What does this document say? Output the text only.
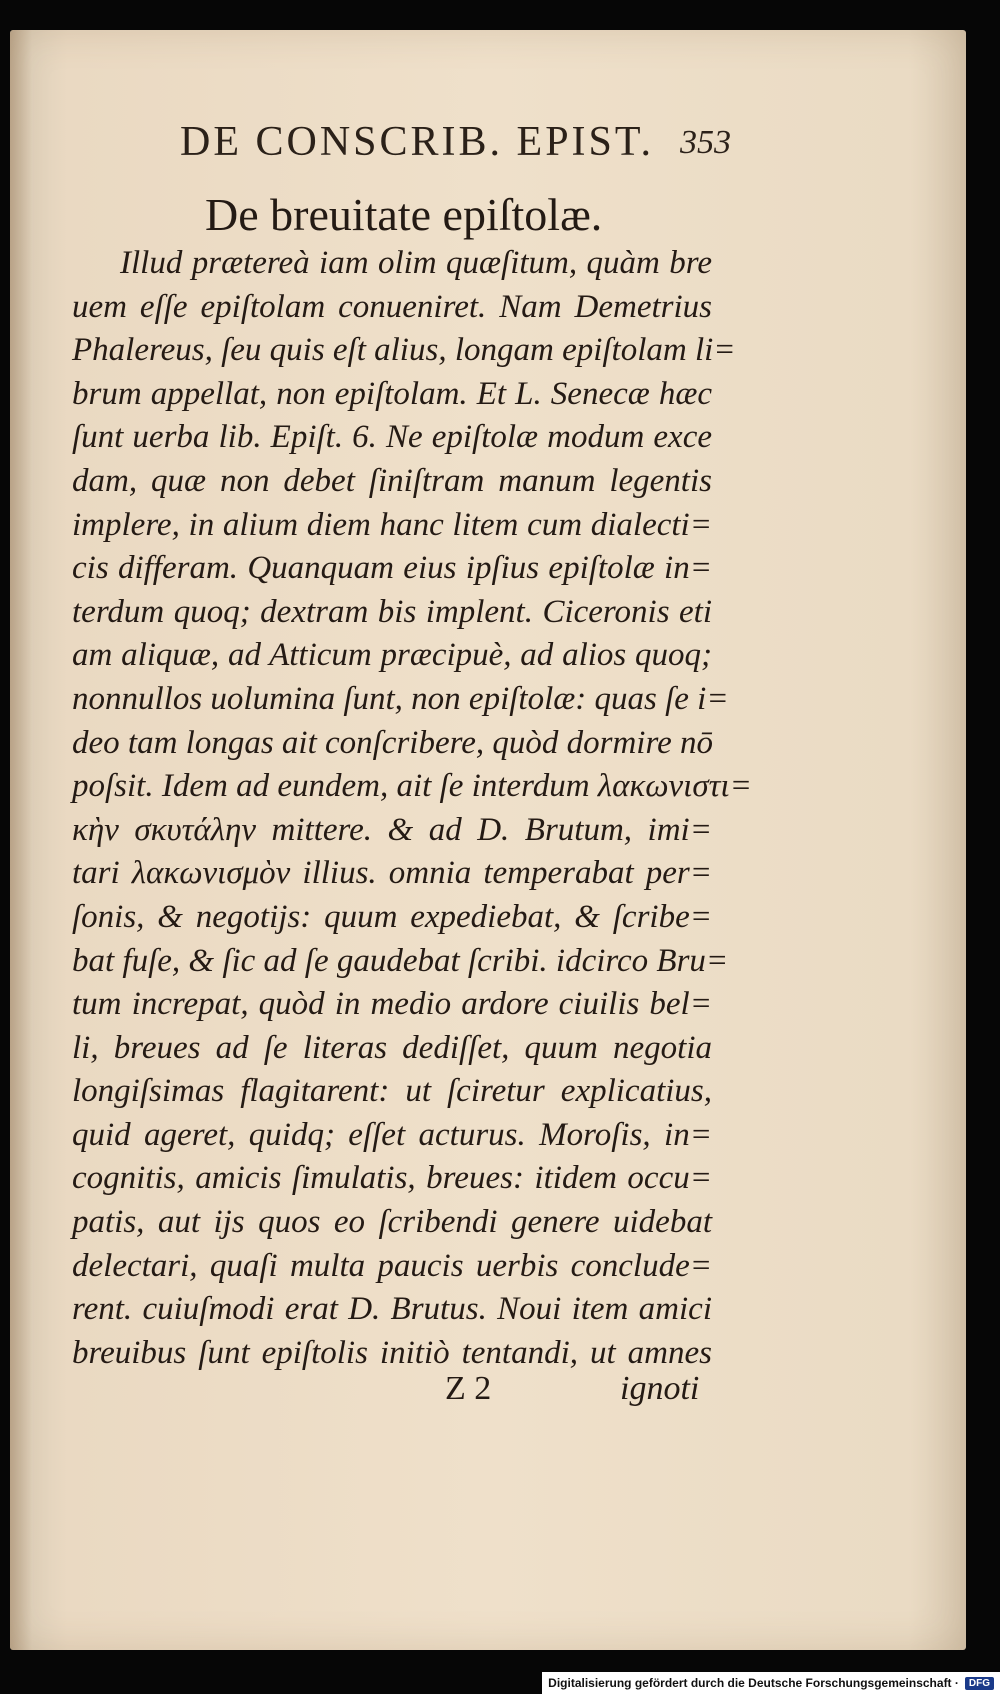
DE CONSCRIB. EPIST. 353
De breuitate epiſtolæ.
Illud prætereà iam olim quæſitum, quàm bre
uem eſſe epiſtolam conueniret. Nam Demetrius
Phalereus, ſeu quis eſt alius, longam epiſtolam li=
brum appellat, non epiſtolam. Et L. Senecæ hæc
ſunt uerba lib. Epiſt. 6. Ne epiſtolæ modum exce
dam, quæ non debet ſiniſtram manum legentis
implere, in alium diem hanc litem cum dialecti=
cis differam. Quanquam eius ipſius epiſtolæ in=
terdum quoq; dextram bis implent. Ciceronis eti
am aliquæ, ad Atticum præcipuè, ad alios quoq;
nonnullos uolumina ſunt, non epiſtolæ: quas ſe i=
deo tam longas ait conſcribere, quòd dormire nō
poſsit. Idem ad eundem, ait ſe interdum λακωνιστι=
κὴν σκυτάλην mittere. & ad D. Brutum, imi=
tari λακωνισμὸν illius. omnia temperabat per=
ſonis, & negotijs: quum expediebat, & ſcribe=
bat fuſe, & ſic ad ſe gaudebat ſcribi. idcirco Bru=
tum increpat, quòd in medio ardore ciuilis bel=
li, breues ad ſe literas dediſſet, quum negotia
longiſsimas flagitarent: ut ſciretur explicatius,
quid ageret, quidq; eſſet acturus. Moroſis, in=
cognitis, amicis ſimulatis, breues: itidem occu=
patis, aut ijs quos eo ſcribendi genere uidebat
delectari, quaſi multa paucis uerbis conclude=
rent. cuiuſmodi erat D. Brutus. Noui item amici
breuibus ſunt epiſtolis initiò tentandi, ut amnes
Z 2	ignoti
Digitalisierung gefördert durch die Deutsche Forschungsgemeinschaft ·	DFG
